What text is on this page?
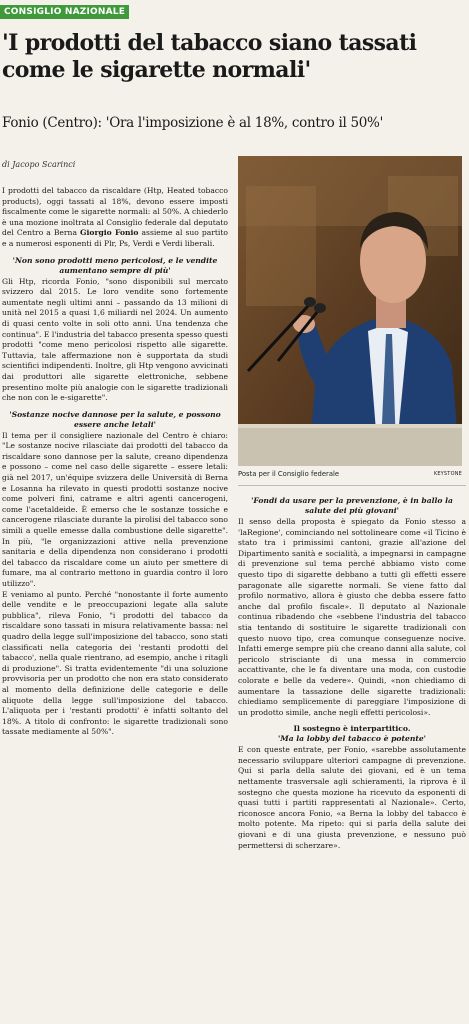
CONSIGLIO NAZIONALE
'I prodotti del tabacco siano tassati come le sigarette normali'
Fonio (Centro): 'Ora l'imposizione è al 18%, contro il 50%'
di Jacopo Scarinci

I prodotti del tabacco da riscaldare (Htp, Heated tobacco products), oggi tassati al 18%, devono essere imposti fiscalmente come le sigarette normali: al 50%. A chiederlo è una mozione inoltrata al Consiglio federale dal deputato del Centro a Berna Giorgio Fonio assieme al suo partito e a numerosi esponenti di Plr, Ps, Verdi e Verdi liberali.

'Non sono prodotti meno pericolosi, e le vendite aumentano sempre di più'

Gli Htp, ricorda Fonio, "sono disponibili sul mercato svizzero dal 2015. Le loro vendite sono fortemente aumentate negli ultimi anni – passando da 13 milioni di unità nel 2015 a quasi 1,6 miliardi nel 2024. Un aumento di quasi cento volte in soli otto anni. Una tendenza che continua". E l'industria del tabacco presenta spesso questi prodotti "come meno pericolosi rispetto alle sigarette. Tuttavia, tale affermazione non è supportata da studi scientifici indipendenti. Inoltre, gli Htp vengono avvicinati dai produttori alle sigarette elettroniche, sebbene presentino molte più analogie con le sigarette tradizionali che non con le e-sigarette".

'Sostanze nocive dannose per la salute, e possono essere anche letali'

Il tema per il consigliere nazionale del Centro è chiaro: "Le sostanze nocive rilasciate dai prodotti del tabacco da riscaldare sono dannose per la salute, creano dipendenza e possono – come nel caso delle sigarette – essere letali: già nel 2017, un'équipe svizzera delle Università di Berna e Losanna ha rilevato in questi prodotti sostanze nocive come polveri fini, catrame e altri agenti cancerogeni, come l'acetaldeide. È emerso che le sostanze tossiche e cancerogene rilasciate durante la pirolisi del tabacco sono simili a quelle emesse dalla combustione delle sigarette". In più, "le organizzazioni attive nella prevenzione sanitaria e della dipendenza non considerano i prodotti del tabacco da riscaldare come un aiuto per smettere di fumare, ma al contrario mettono in guardia contro il loro utilizzo".

E veniamo al punto. Perché "nonostante il forte aumento delle vendite e le preoccupazioni legate alla salute pubblica", rileva Fonio, "i prodotti del tabacco da riscaldare sono tassati in misura relativamente bassa: nel quadro della legge sull'imposizione del tabacco, sono stati classificati nella categoria dei 'restanti prodotti del tabacco', nella quale rientrano, ad esempio, anche i ritagli di produzione". Si tratta evidentemente "di una soluzione provvisoria per un prodotto che non era stato considerato al momento della definizione delle categorie e delle aliquote della legge sull'imposizione del tabacco. L'aliquota per i 'restanti prodotti' è infatti soltanto del 18%. A titolo di confronto: le sigarette tradizionali sono tassate mediamente al 50%".

Posta per il Consiglio federale	KEYSTONE
'Fondi da usare per la prevenzione, è in ballo la salute dei più giovani'

Il senso della proposta è spiegato da Fonio stesso a 'laRegione', cominciando nel sottolineare come «il Ticino è stato tra i primissimi cantoni, grazie all'azione del Dipartimento sanità e socialità, a impegnarsi in campagne di prevenzione sul tema perché abbiamo visto come questo tipo di sigarette debbano a tutti gli effetti essere paragonate alle sigarette normali. Se viene fatto dal profilo normativo, allora è giusto che debba essere fatto anche dal profilo fiscale». Il deputato al Nazionale continua ribadendo che «sebbene l'industria del tabacco stia tentando di sostituire le sigarette tradizionali con questo nuovo tipo, crea comunque conseguenze nocive. Infatti emerge sempre più che creano danni alla salute, col pericolo strisciante di una messa in commercio accattivante, che le fa diventare una moda, con custodie colorate e belle da vedere». Quindi, «non chiediamo di aumentare la tassazione delle sigarette tradizionali: chiediamo semplicemente di pareggiare l'imposizione di un prodotto simile, anche negli effetti pericolosi».

Il sostegno è interpartitico.
'Ma la lobby del tabacco è potente'

E con queste entrate, per Fonio, «sarebbe assolutamente necessario sviluppare ulteriori campagne di prevenzione. Qui si parla della salute dei giovani, ed è un tema nettamente trasversale agli schieramenti, la riprova è il sostegno che questa mozione ha ricevuto da esponenti di quasi tutti i partiti rappresentati al Nazionale». Certo, riconosce ancora Fonio, «a Berna la lobby del tabacco è molto potente. Ma ripeto: qui si parla della salute dei giovani e di una giusta prevenzione, e nessuno può permettersi di scherzare».
